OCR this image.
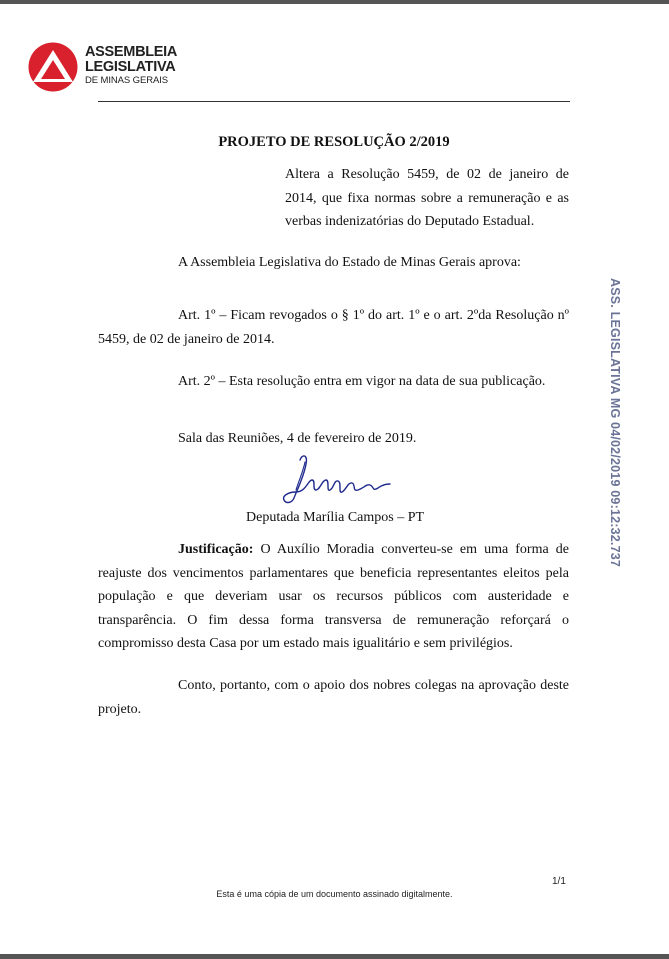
ASSEMBLEIA
LEGISLATIVA
DE MINAS GERAIS
PROJETO DE RESOLUÇÃO 2/2019
Altera a Resolução 5459, de 02 de janeiro de 2014, que fixa normas sobre a remuneração e as verbas indenizatórias do Deputado Estadual.
A Assembleia Legislativa do Estado de Minas Gerais aprova:
Art. 1º – Ficam revogados o § 1º do art. 1º e o art. 2ºda Resolução nº 5459, de 02 de janeiro de 2014.
Art. 2º – Esta resolução entra em vigor na data de sua publicação.
Sala das Reuniões, 4 de fevereiro de 2019.
Deputada Marília Campos – PT
Justificação: O Auxílio Moradia converteu-se em uma forma de reajuste dos vencimentos parlamentares que beneficia representantes eleitos pela população e que deveriam usar os recursos públicos com austeridade e transparência. O fim dessa forma transversa de remuneração reforçará o compromisso desta Casa por um estado mais igualitário e sem privilégios.
Conto, portanto, com o apoio dos nobres colegas na aprovação deste projeto.
ASS. LEGISLATIVA MG 04/02/2019 09:12:32.737
1/1
Esta é uma cópia de um documento assinado digitalmente.
